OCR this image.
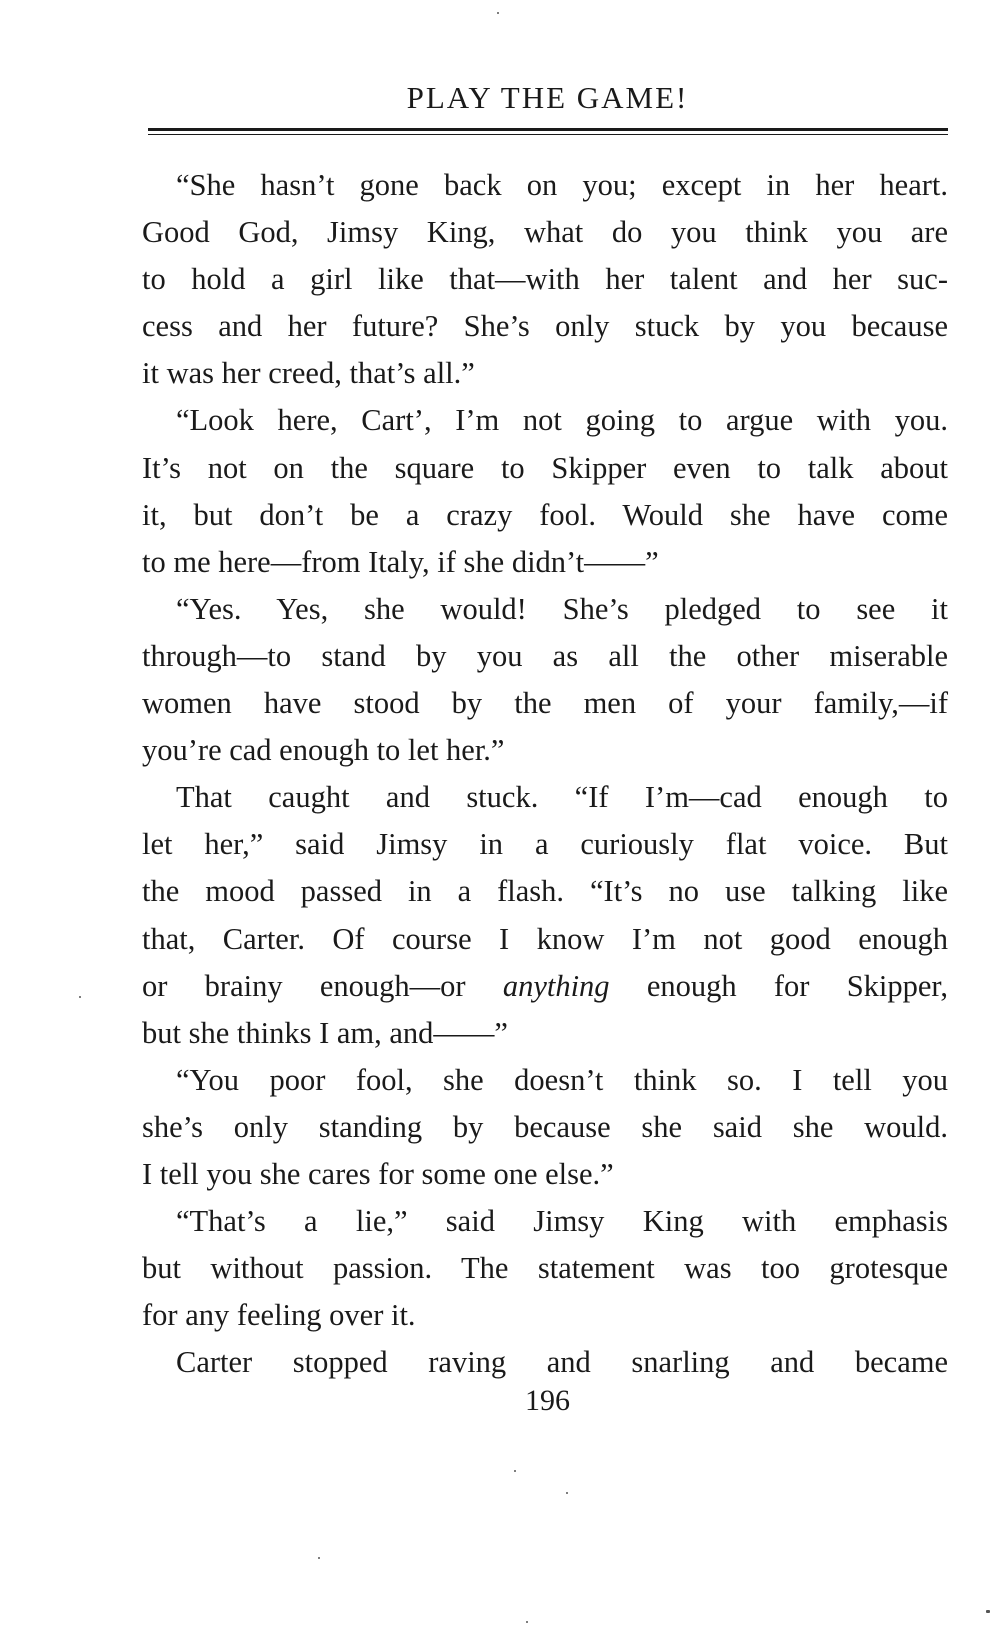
PLAY THE GAME!

“She hasn’t gone back on you; except in her heart.
Good God, Jimsy King, what do you think you are
to hold a girl like that—with her talent and her suc-
cess and her future? She’s only stuck by you because
it was her creed, that’s all.”

“Look here, Cart’, I’m not going to argue with you.
It’s not on the square to Skipper even to talk about
it, but don’t be a crazy fool. Would she have come
to me here—from Italy, if she didn’t——”

“Yes. Yes, she would! She’s pledged to see it
through—to stand by you as all the other miserable
women have stood by the men of your family,—if
you’re cad enough to let her.”

That caught and stuck. “If I’m—cad enough to
let her,” said Jimsy in a curiously flat voice. But
the mood passed in a flash. “It’s no use talking like
that, Carter. Of course I know I’m not good enough
or brainy enough—or anything enough for Skipper,
but she thinks I am, and——”

“You poor fool, she doesn’t think so. I tell you
she’s only standing by because she said she would.
I tell you she cares for some one else.”

“That’s a lie,” said Jimsy King with emphasis
but without passion. The statement was too grotesque
for any feeling over it.

Carter stopped raving and snarling and became

196
